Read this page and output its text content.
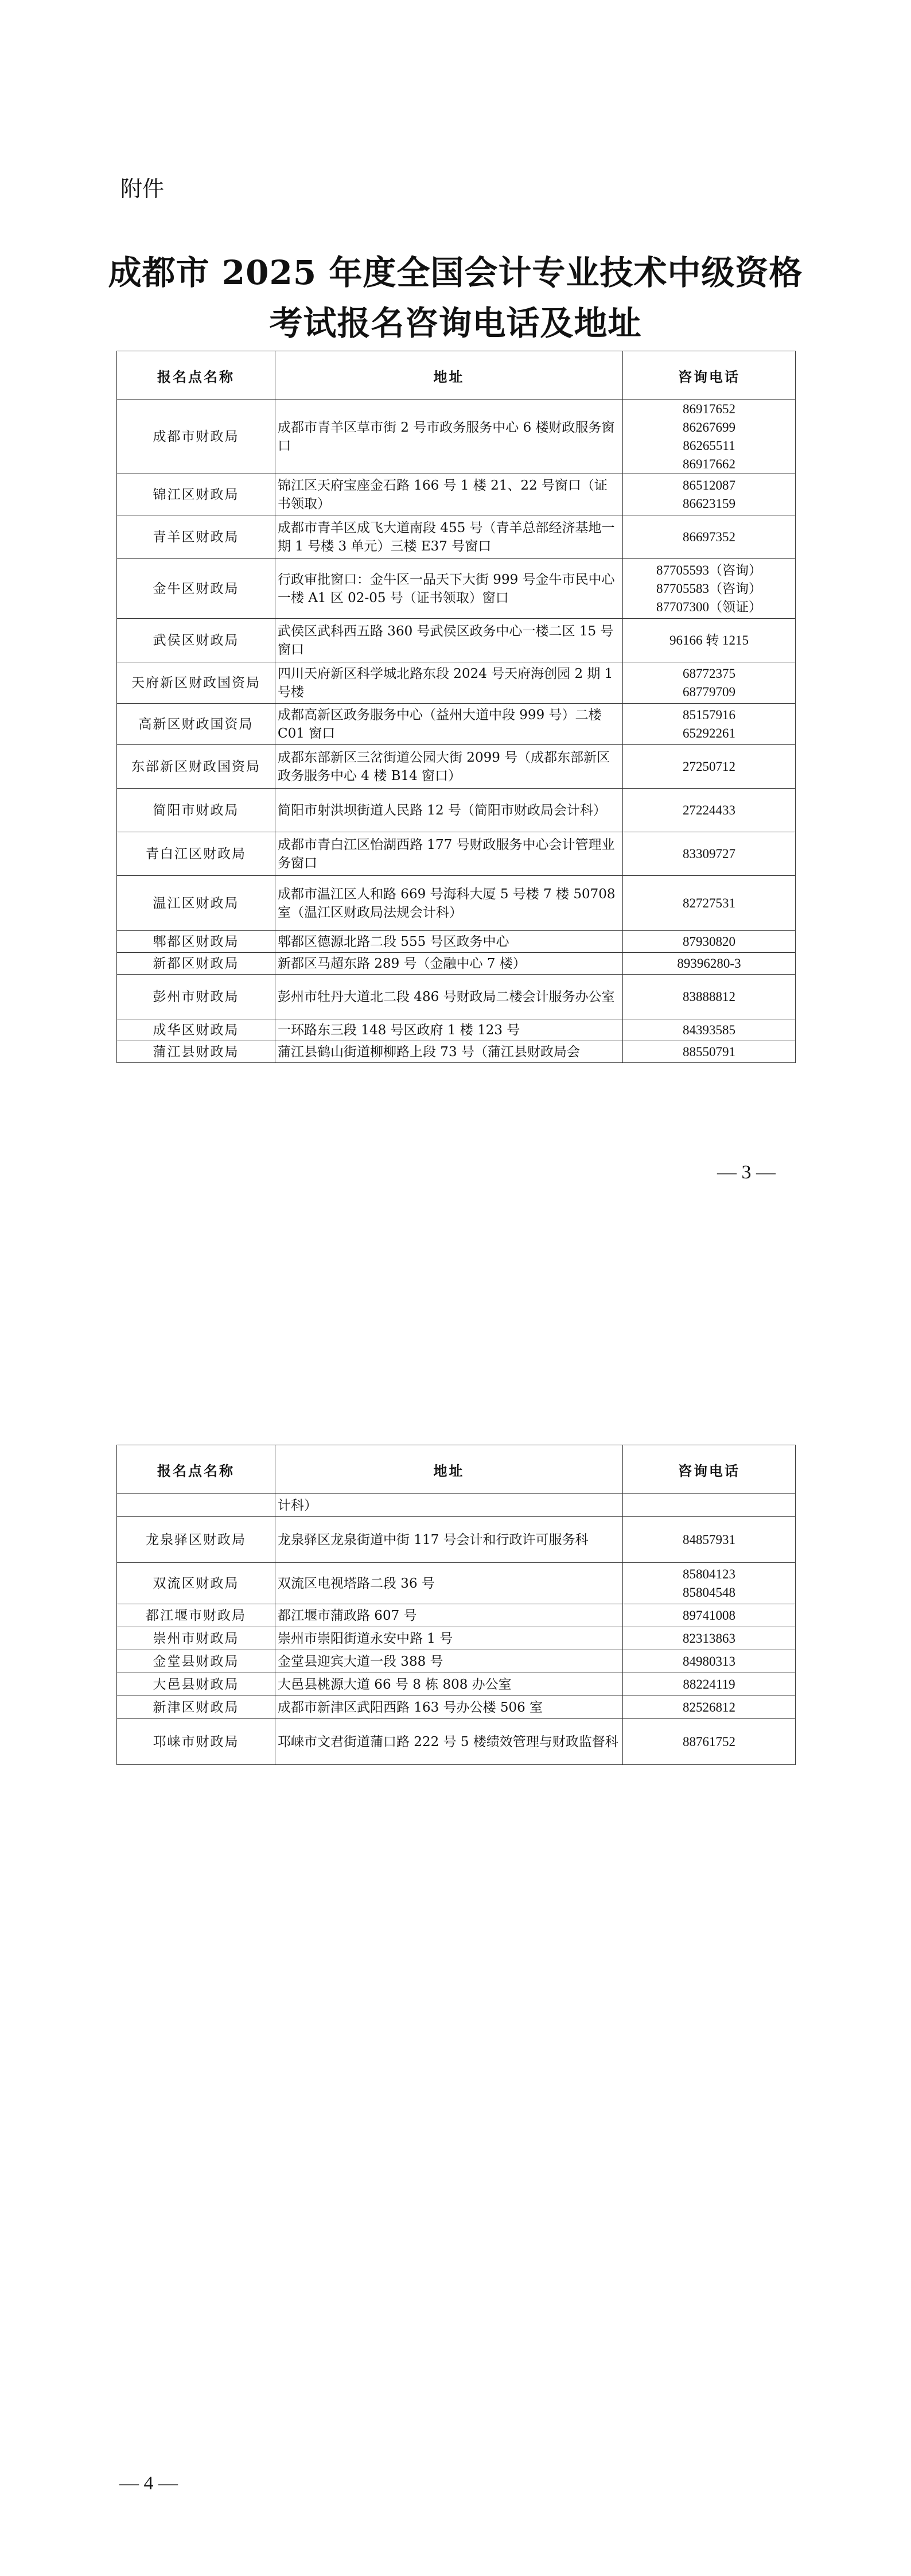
附件
成都市 2025 年度全国会计专业技术中级资格
考试报名咨询电话及地址
报名点名称	地址	咨询电话
成都市财政局	成都市青羊区草市街 2 号市政务服务中心 6 楼财政服务窗口	86917652
86267699
86265511
86917662

锦江区财政局	锦江区天府宝座金石路 166 号 1 楼 21、22 号窗口（证书领取）	86512087
86623159

青羊区财政局	成都市青羊区成飞大道南段 455 号（青羊总部经济基地一期 1 号楼 3 单元）三楼 E37 号窗口	86697352

金牛区财政局	行政审批窗口：金牛区一品天下大街 999 号金牛市民中心一楼 A1 区 02-05 号（证书领取）窗口	87705593（咨询）
87705583（咨询）
87707300（领证）

武侯区财政局	武侯区武科西五路 360 号武侯区政务中心一楼二区 15 号窗口	96166 转 1215

天府新区财政国资局	四川天府新区科学城北路东段 2024 号天府海创园 2 期 1 号楼	68772375
68779709

高新区财政国资局	成都高新区政务服务中心（益州大道中段 999 号）二楼 C01 窗口	85157916
65292261

东部新区财政国资局	成都东部新区三岔街道公园大街 2099 号（成都东部新区政务服务中心 4 楼 B14 窗口）	27250712

简阳市财政局	简阳市射洪坝街道人民路 12 号（简阳市财政局会计科）	27224433

青白江区财政局	成都市青白江区怡湖西路 177 号财政服务中心会计管理业务窗口	83309727

温江区财政局	成都市温江区人和路 669 号海科大厦 5 号楼 7 楼 50708 室（温江区财政局法规会计科）	82727531

郫都区财政局	郫都区德源北路二段 555 号区政务中心	87930820

新都区财政局	新都区马超东路 289 号（金融中心 7 楼）	89396280-3

彭州市财政局	彭州市牡丹大道北二段 486 号财政局二楼会计服务办公室	83888812

成华区财政局	一环路东三段 148 号区政府 1 楼 123 号	84393585

蒲江县财政局	蒲江县鹤山街道柳柳路上段 73 号（蒲江县财政局会	88550791
— 3 —
报名点名称	地址	咨询电话
	计科）	
龙泉驿区财政局	龙泉驿区龙泉街道中街 117 号会计和行政许可服务科	84857931

双流区财政局	双流区电视塔路二段 36 号	85804123
85804548

都江堰市财政局	都江堰市蒲政路 607 号	89741008

崇州市财政局	崇州市崇阳街道永安中路 1 号	82313863

金堂县财政局	金堂县迎宾大道一段 388 号	84980313

大邑县财政局	大邑县桃源大道 66 号 8 栋 808 办公室	88224119

新津区财政局	成都市新津区武阳西路 163 号办公楼 506 室	82526812

邛崃市财政局	邛崃市文君街道蒲口路 222 号 5 楼绩效管理与财政监督科	88761752
— 4 —
